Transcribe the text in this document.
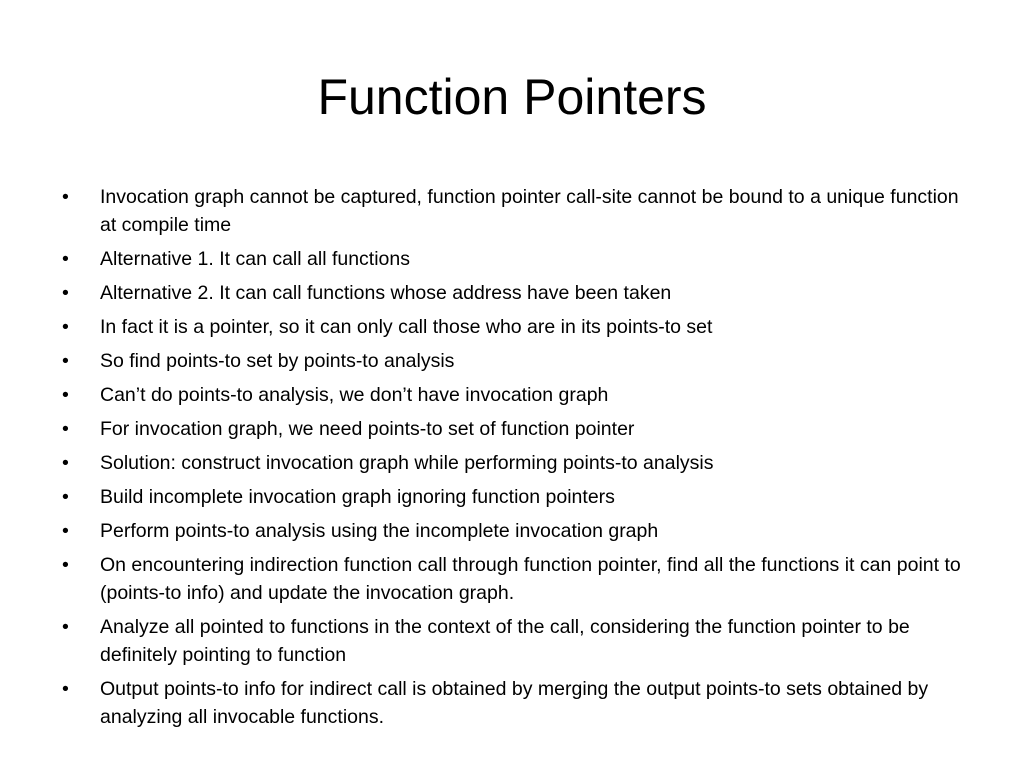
Function Pointers
•	Invocation graph cannot be captured, function pointer call-site cannot be bound to a unique function at compile time
•	Alternative 1. It can call all functions
•	Alternative 2. It can call functions whose address have been taken
•	In fact it is a pointer, so it can only call those who are in its points-to set
•	So find points-to set by points-to analysis
•	Can’t do points-to analysis, we don’t have invocation graph
•	For invocation graph, we need points-to set of function pointer
•	Solution: construct invocation graph while performing points-to analysis
•	Build incomplete invocation graph ignoring function pointers
•	Perform points-to analysis using the incomplete invocation graph
•	On encountering indirection function call through function pointer, find all the functions it can point to (points-to info) and update the invocation graph.
•	Analyze all pointed to functions in the context of the call, considering the function pointer to be definitely pointing to function
•	Output points-to info for indirect call is obtained by merging the output points-to sets obtained by analyzing all invocable functions.
